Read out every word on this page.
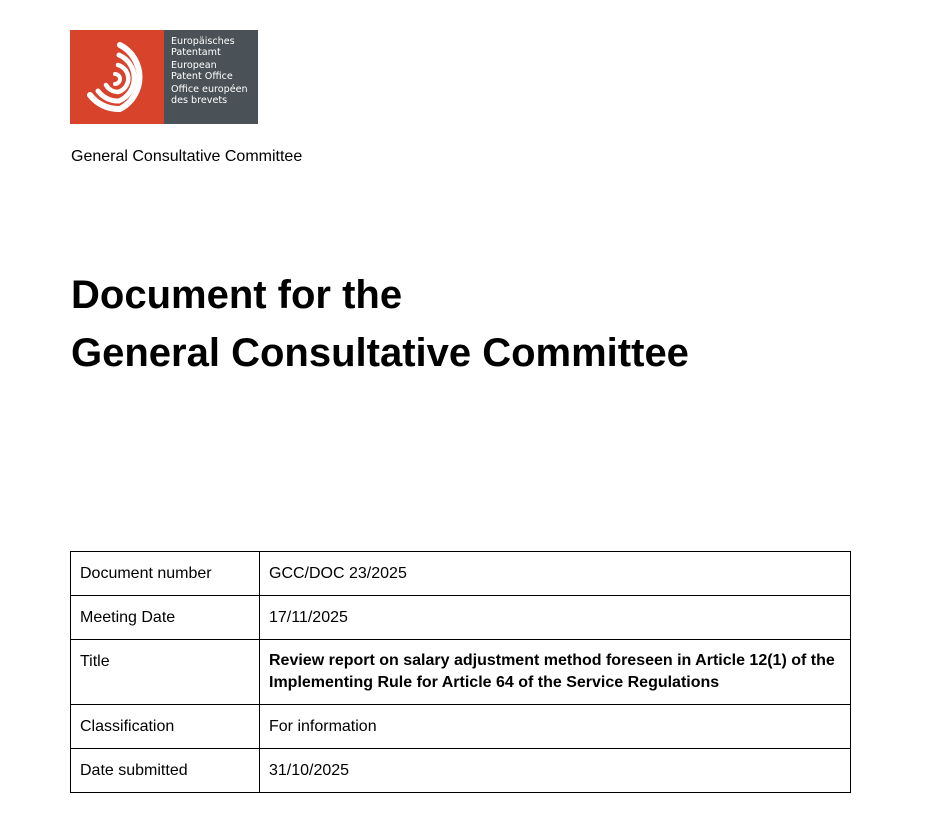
Europäisches
Patentamt
European
Patent Office
Office européen
des brevets
General Consultative Committee
Document for the
General Consultative Committee
Document number	GCC/DOC 23/2025
Meeting Date	17/11/2025
Title	Review report on salary adjustment method foreseen in Article 12(1) of the Implementing Rule for Article 64 of the Service Regulations
Classification	For information
Date submitted	31/10/2025
